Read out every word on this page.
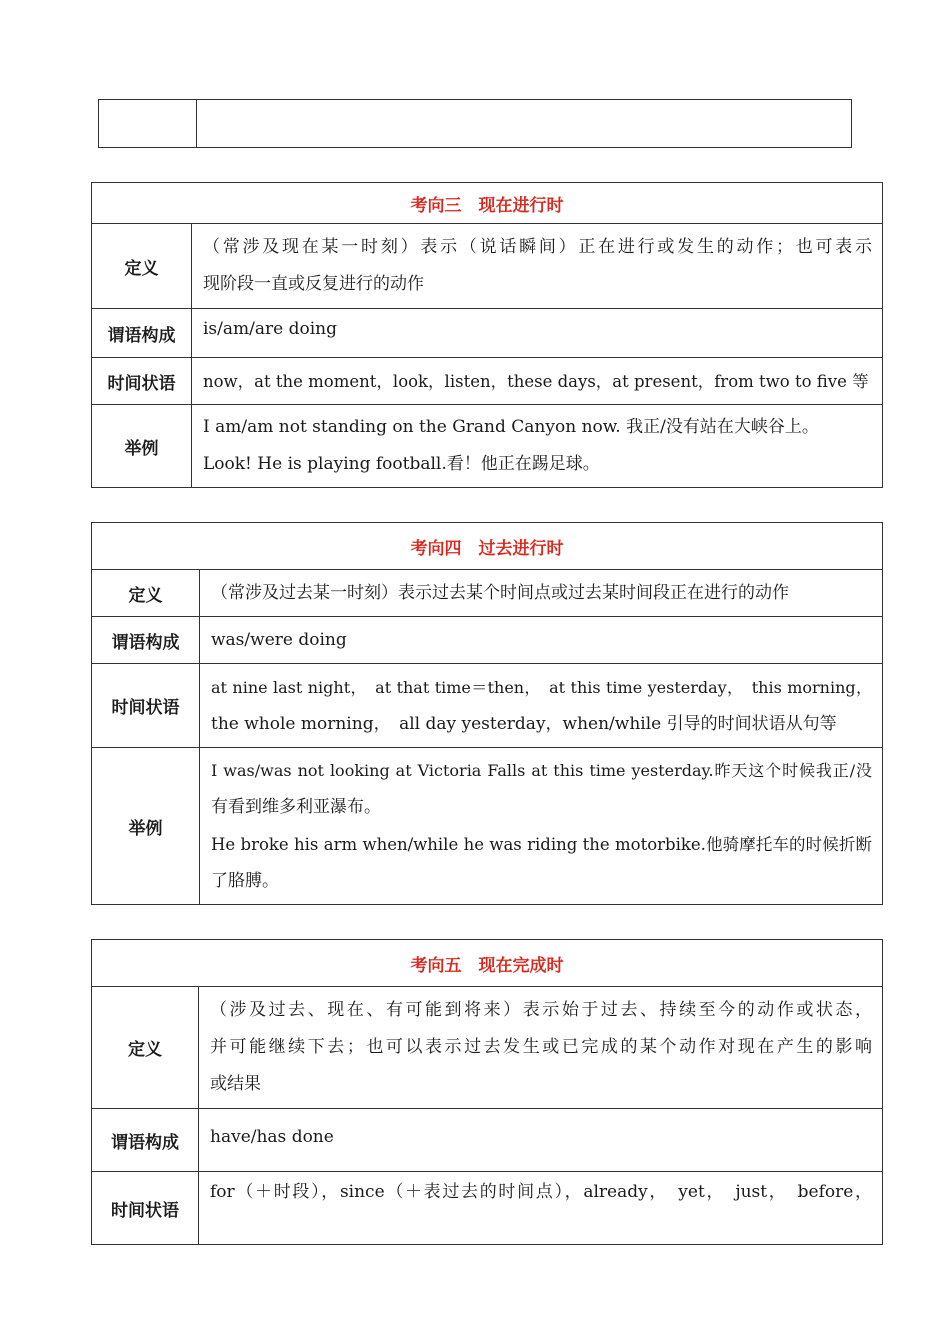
考向三　现在进行时	
定义	（常涉及现在某一时刻）表示（说话瞬间）正在进行或发生的动作；也可表示
现阶段一直或反复进行的动作

谓语构成	is/am/are doing

时间状语	now，at the moment，look，listen，these days，at present，from two to five 等

举例	I am/am not standing on the Grand Canyon now. 我正/没有站在大峡谷上。
Look! He is playing football.看！他正在踢足球。
考向四　过去进行时	
定义	（常涉及过去某一时刻）表示过去某个时间点或过去某时间段正在进行的动作

谓语构成	was/were doing

时间状语	at nine last night，　at that time＝then，　at this time yesterday，　this morning，
the whole morning，　all day yesterday，when/while 引导的时间状语从句等

举例	I was/was not looking at Victoria Falls at this time yesterday.昨天这个时候我正/没
有看到维多利亚瀑布。
He broke his arm when/while he was riding the motorbike.他骑摩托车的时候折断
了胳膊。
考向五　现在完成时	
定义	（涉及过去、现在、有可能到将来）表示始于过去、持续至今的动作或状态，
并可能继续下去；也可以表示过去发生或已完成的某个动作对现在产生的影响
或结果

谓语构成	have/has done

时间状语	for（＋时段），since（＋表过去的时间点），already，　yet，　just，　before，
